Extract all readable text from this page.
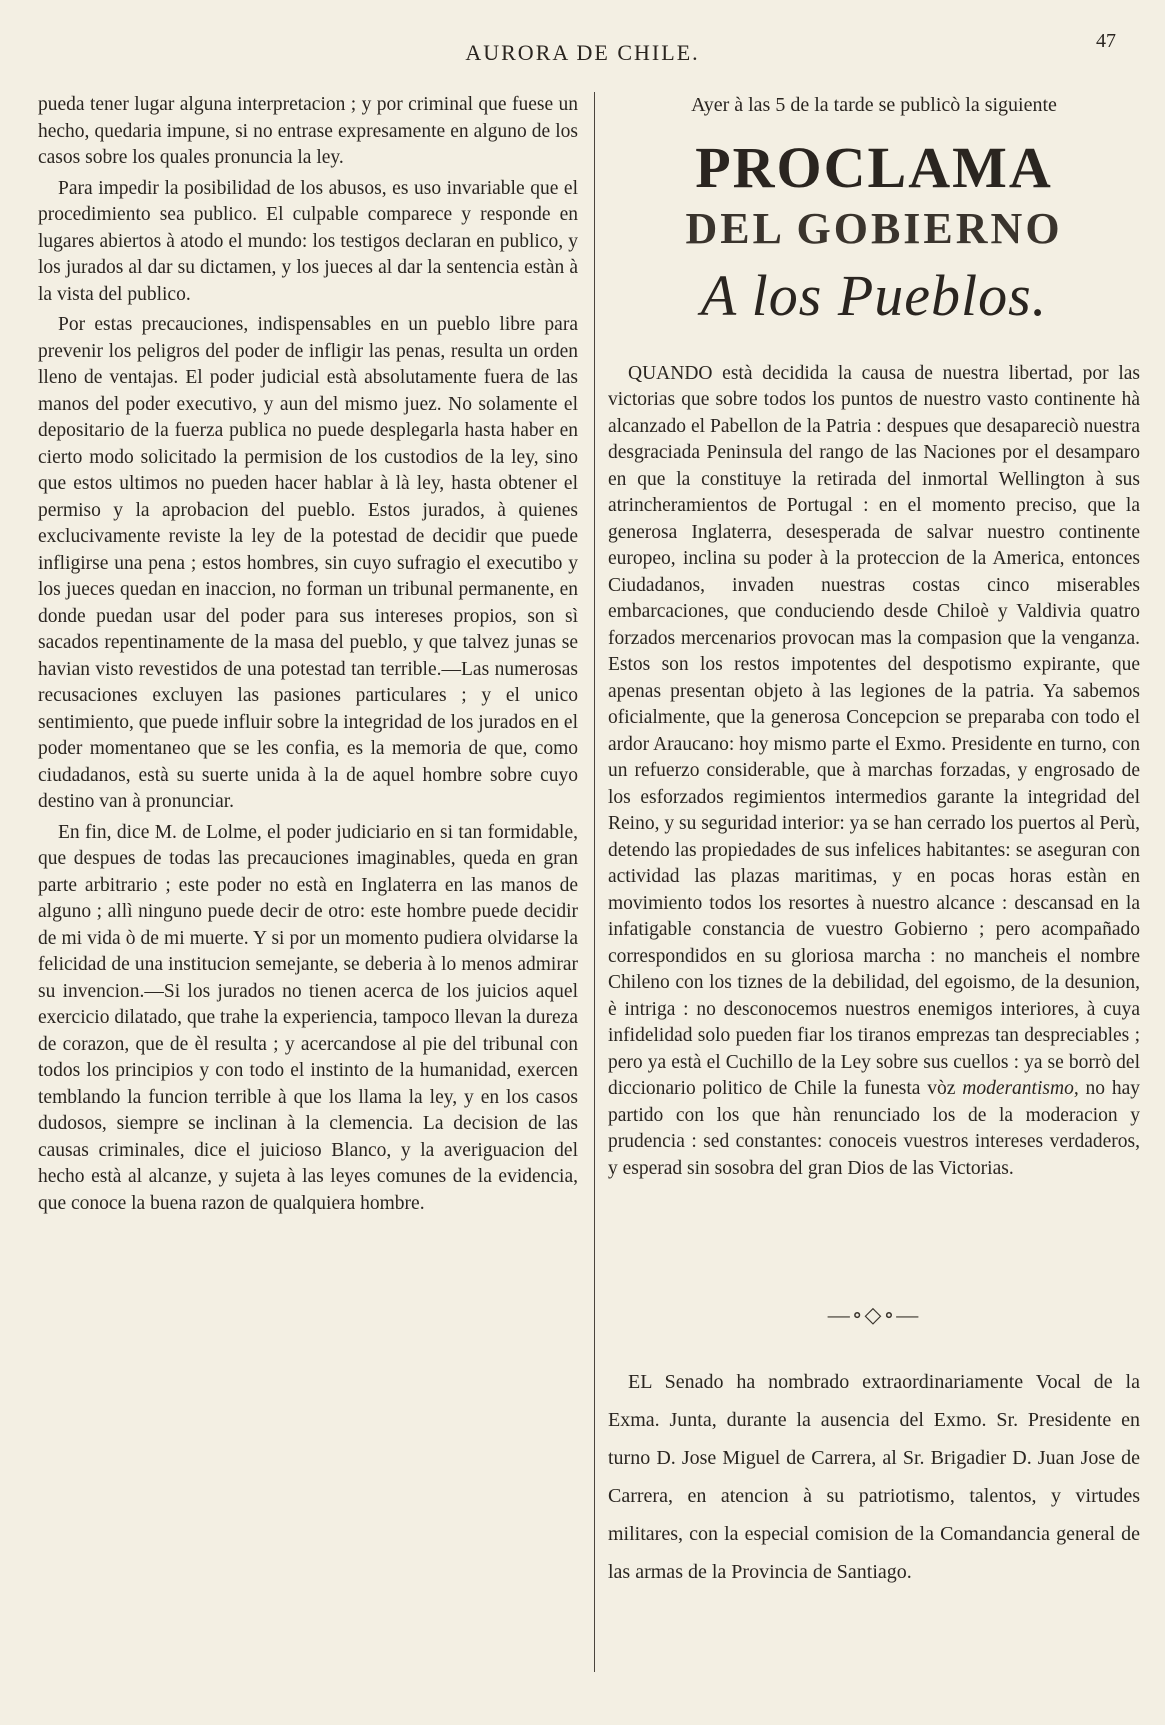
AURORA DE CHILE.	47

pueda tener lugar alguna interpretacion ; y por criminal que fuese un hecho, quedaria impune, si no entrase expresamente en alguno de los casos sobre los quales pronuncia la ley.

Para impedir la posibilidad de los abusos, es uso invariable que el procedimiento sea publico. El culpable comparece y responde en lugares abiertos à atodo el mundo: los testigos declaran en publico, y los jurados al dar su dictamen, y los jueces al dar la sentencia estàn à la vista del publico.

Por estas precauciones, indispensables en un pueblo libre para prevenir los peligros del poder de infligir las penas, resulta un orden lleno de ventajas. El poder judicial està absolutamente fuera de las manos del poder executivo, y aun del mismo juez. No solamente el depositario de la fuerza publica no puede desplegarla hasta haber en cierto modo solicitado la permision de los custodios de la ley, sino que estos ultimos no pueden hacer hablar à là ley, hasta obtener el permiso y la aprobacion del pueblo. Estos jurados, à quienes exclucivamente reviste la ley de la potestad de decidir que puede infligirse una pena ; estos hombres, sin cuyo sufragio el executibo y los jueces quedan en inaccion, no forman un tribunal permanente, en donde puedan usar del poder para sus intereses propios, son sì sacados repentinamente de la masa del pueblo, y que talvez junas se havian visto revestidos de una potestad tan terrible.—Las numerosas recusaciones excluyen las pasiones particulares ; y el unico sentimiento, que puede influir sobre la integridad de los jurados en el poder momentaneo que se les confia, es la memoria de que, como ciudadanos, està su suerte unida à la de aquel hombre sobre cuyo destino van à pronunciar.

En fin, dice M. de Lolme, el poder judiciario en si tan formidable, que despues de todas las precauciones imaginables, queda en gran parte arbitrario ; este poder no està en Inglaterra en las manos de alguno ; allì ninguno puede decir de otro: este hombre puede decidir de mi vida ò de mi muerte. Y si por un momento pudiera olvidarse la felicidad de una institucion semejante, se deberia à lo menos admirar su invencion.—Si los jurados no tienen acerca de los juicios aquel exercicio dilatado, que trahe la experiencia, tampoco llevan la dureza de corazon, que de èl resulta ; y acercandose al pie del tribunal con todos los principios y con todo el instinto de la humanidad, exercen temblando la funcion terrible à que los llama la ley, y en los casos dudosos, siempre se inclinan à la clemencia. La decision de las causas criminales, dice el juicioso Blanco, y la averiguacion del hecho està al alcanze, y sujeta à las leyes comunes de la evidencia, que conoce la buena razon de qualquiera hombre.

Ayer à las 5 de la tarde se publicò la siguiente

PROCLAMA
DEL GOBIERNO
A los Pueblos.

QUANDO està decidida la causa de nuestra libertad, por las victorias que sobre todos los puntos de nuestro vasto continente hà alcanzado el Pabellon de la Patria : despues que desapareciò nuestra desgraciada Peninsula del rango de las Naciones por el desamparo en que la constituye la retirada del inmortal Wellington à sus atrincheramientos de Portugal : en el momento preciso, que la generosa Inglaterra, desesperada de salvar nuestro continente europeo, inclina su poder à la proteccion de la America, entonces Ciudadanos, invaden nuestras costas cinco miserables embarcaciones, que conduciendo desde Chiloè y Valdivia quatro forzados mercenarios provocan mas la compasion que la venganza. Estos son los restos impotentes del despotismo expirante, que apenas presentan objeto à las legiones de la patria. Ya sabemos oficialmente, que la generosa Concepcion se preparaba con todo el ardor Araucano: hoy mismo parte el Exmo. Presidente en turno, con un refuerzo considerable, que à marchas forzadas, y engrosado de los esforzados regimientos intermedios garante la integridad del Reino, y su seguridad interior: ya se han cerrado los puertos al Perù, detendo las propiedades de sus infelices habitantes: se aseguran con actividad las plazas maritimas, y en pocas horas estàn en movimiento todos los resortes à nuestro alcance : descansad en la infatigable constancia de vuestro Gobierno ; pero acompañado correspondidos en su gloriosa marcha : no mancheis el nombre Chileno con los tiznes de la debilidad, del egoismo, de la desunion, è intriga : no desconocemos nuestros enemigos interiores, à cuya infidelidad solo pueden fiar los tiranos emprezas tan despreciables ; pero ya està el Cuchillo de la Ley sobre sus cuellos : ya se borrò del diccionario politico de Chile la funesta vòz moderantismo, no hay partido con los que hàn renunciado los de la moderacion y prudencia : sed constantes: conoceis vuestros intereses verdaderos, y esperad sin sosobra del gran Dios de las Victorias.

—∘◇∘—

EL Senado ha nombrado extraordinariamente Vocal de la Exma. Junta, durante la ausencia del Exmo. Sr. Presidente en turno D. Jose Miguel de Carrera, al Sr. Brigadier D. Juan Jose de Carrera, en atencion à su patriotismo, talentos, y virtudes militares, con la especial comision de la Comandancia general de las armas de la Provincia de Santiago.
